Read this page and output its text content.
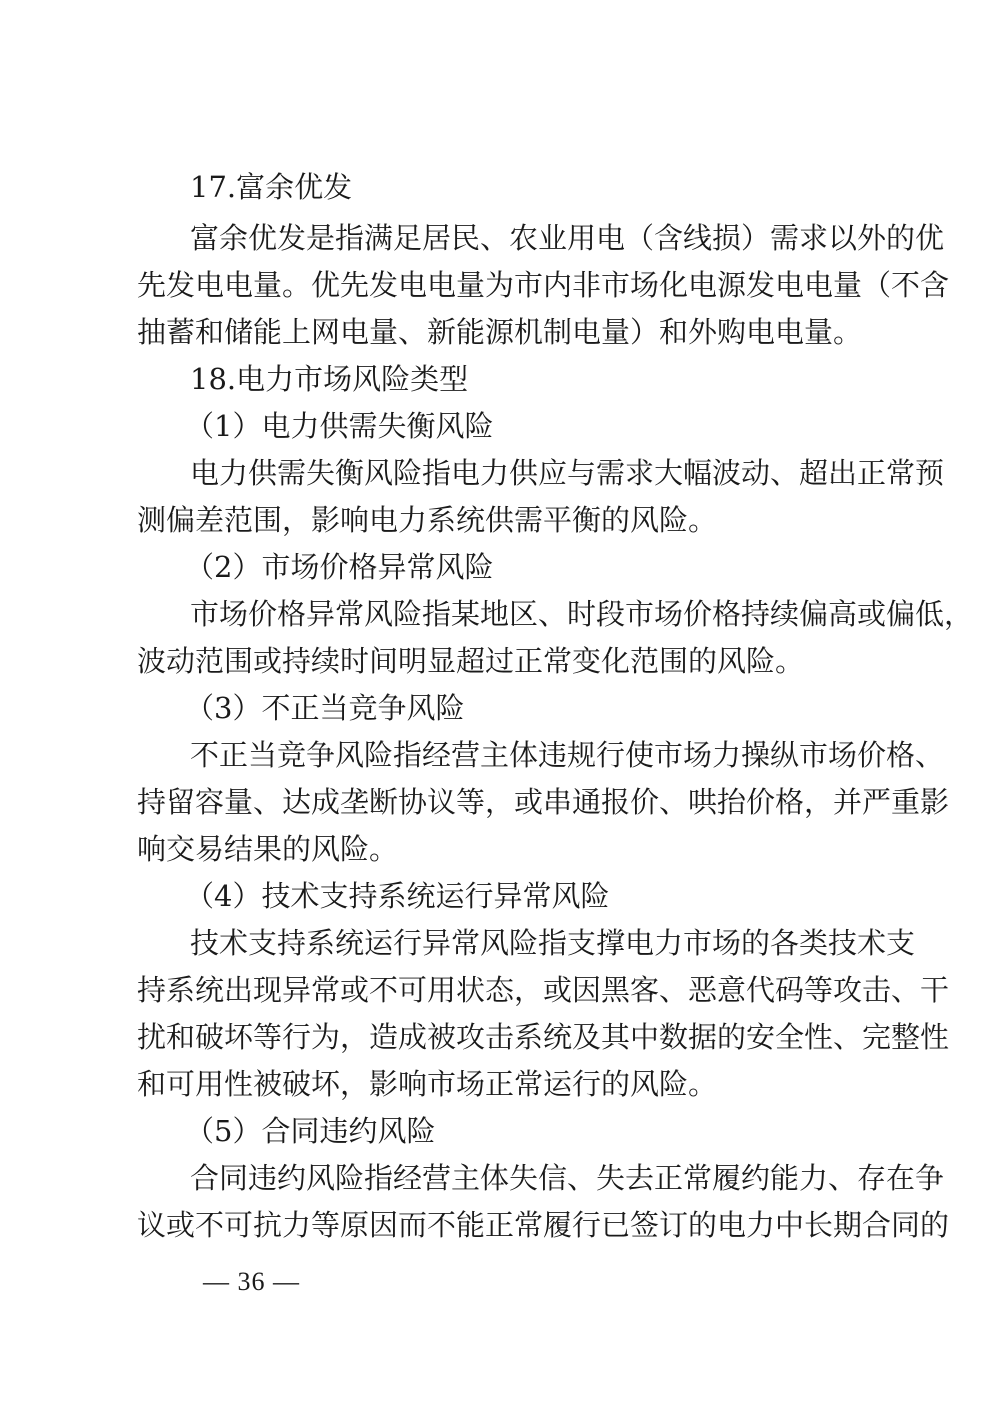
17.富余优发
富余优发是指满足居民、农业用电（含线损）需求以外的优
先发电电量。优先发电电量为市内非市场化电源发电电量（不含
抽蓄和储能上网电量、新能源机制电量）和外购电电量。
18.电力市场风险类型
（1）电力供需失衡风险
电力供需失衡风险指电力供应与需求大幅波动、超出正常预
测偏差范围，影响电力系统供需平衡的风险。
（2）市场价格异常风险
市场价格异常风险指某地区、时段市场价格持续偏高或偏低，
波动范围或持续时间明显超过正常变化范围的风险。
（3）不正当竞争风险
不正当竞争风险指经营主体违规行使市场力操纵市场价格、
持留容量、达成垄断协议等，或串通报价、哄抬价格，并严重影
响交易结果的风险。
（4）技术支持系统运行异常风险
技术支持系统运行异常风险指支撑电力市场的各类技术支
持系统出现异常或不可用状态，或因黑客、恶意代码等攻击、干
扰和破坏等行为，造成被攻击系统及其中数据的安全性、完整性
和可用性被破坏，影响市场正常运行的风险。
（5）合同违约风险
合同违约风险指经营主体失信、失去正常履约能力、存在争
议或不可抗力等原因而不能正常履行已签订的电力中长期合同的
— 36 —
